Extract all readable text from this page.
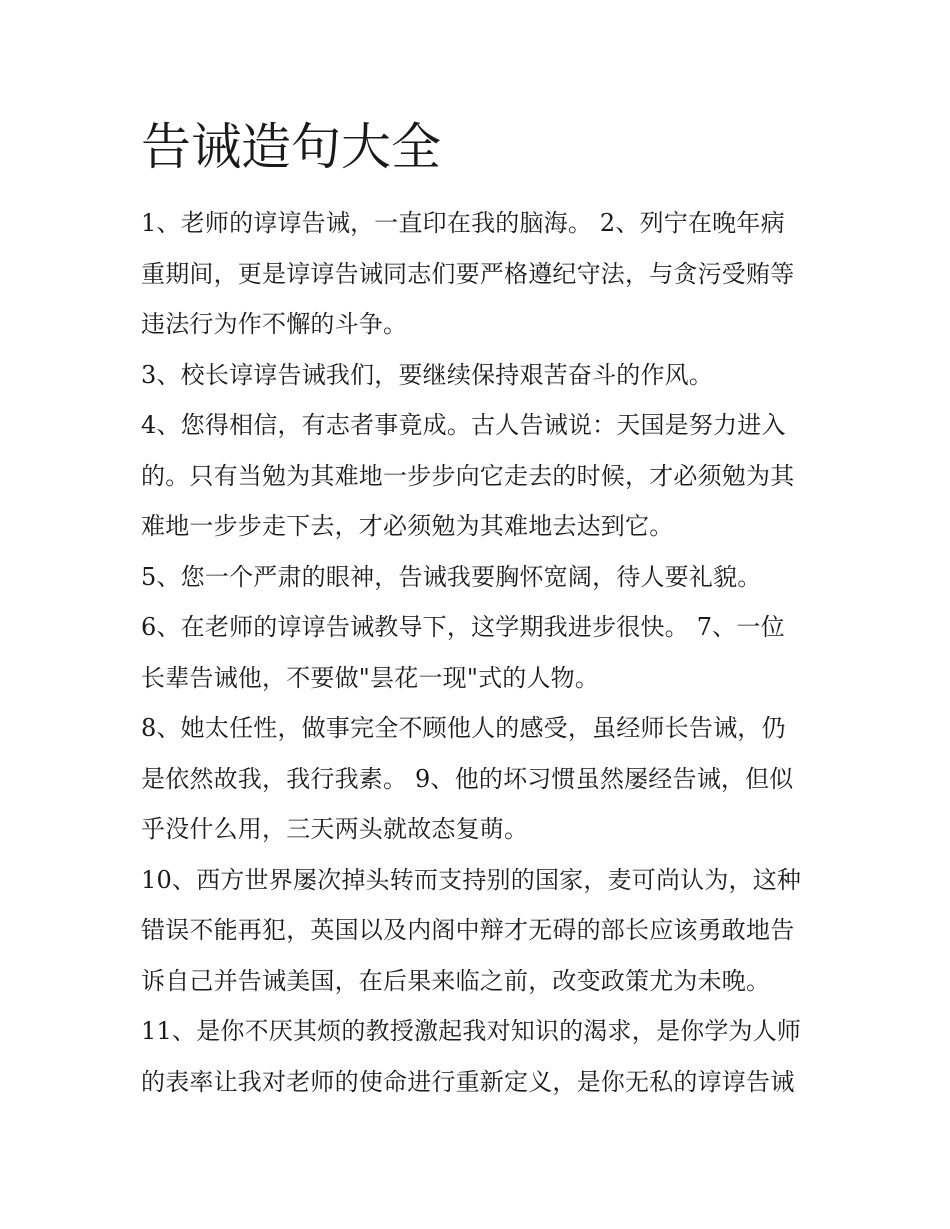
告诫造句大全
1、老师的谆谆告诫，一直印在我的脑海。 2、列宁在晚年病
重期间，更是谆谆告诫同志们要严格遵纪守法，与贪污受贿等
违法行为作不懈的斗争。
3、校长谆谆告诫我们，要继续保持艰苦奋斗的作风。
4、您得相信，有志者事竟成。古人告诫说：天国是努力进入
的。只有当勉为其难地一步步向它走去的时候，才必须勉为其
难地一步步走下去，才必须勉为其难地去达到它。
5、您一个严肃的眼神，告诫我要胸怀宽阔，待人要礼貌。
6、在老师的谆谆告诫教导下，这学期我进步很快。 7、一位
长辈告诫他，不要做"昙花一现"式的人物。
8、她太任性，做事完全不顾他人的感受，虽经师长告诫，仍
是依然故我，我行我素。 9、他的坏习惯虽然屡经告诫，但似
乎没什么用，三天两头就故态复萌。
10、西方世界屡次掉头转而支持别的国家，麦可尚认为，这种
错误不能再犯，英国以及内阁中辩才无碍的部长应该勇敢地告
诉自己并告诫美国，在后果来临之前，改变政策尤为未晚。
11、是你不厌其烦的教授激起我对知识的渴求，是你学为人师
的表率让我对老师的使命进行重新定义，是你无私的谆谆告诫
